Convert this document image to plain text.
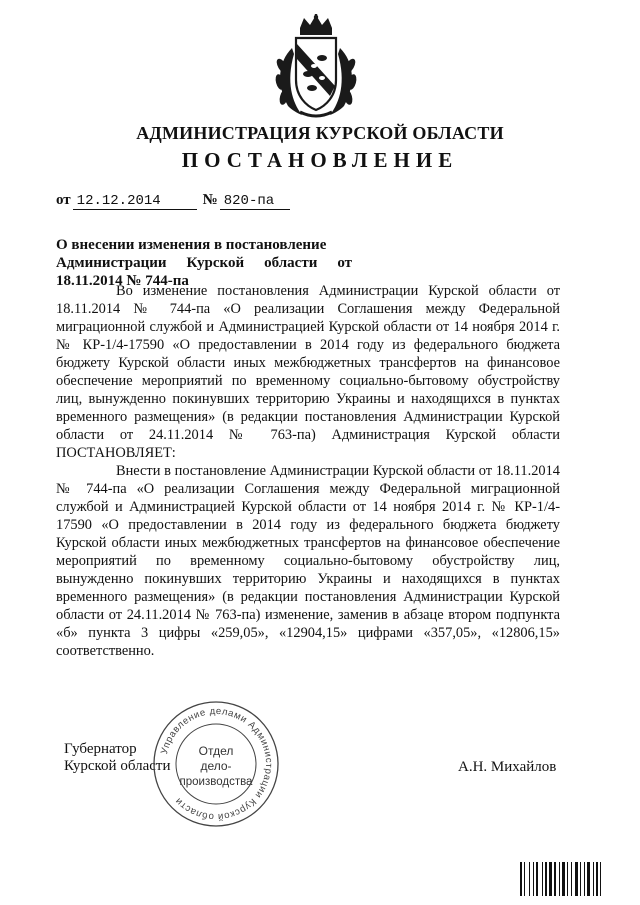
АДМИНИСТРАЦИЯ КУРСКОЙ ОБЛАСТИ
ПОСТАНОВЛЕНИЕ
от 12.12.2014	№ 820-па
О внесении изменения в постановление
Администрации Курской области от
18.11.2014 № 744-па

Во изменение постановления Администрации Курской области от 18.11.2014 № 744-па «О реализации Соглашения между Федеральной миграционной службой и Администрацией Курской области от 14 ноября 2014 г. № КР-1/4-17590 «О предоставлении в 2014 году из федерального бюджета бюджету Курской области иных межбюджетных трансфертов на финансовое обеспечение мероприятий по временному социально-бытовому обустройству лиц, вынужденно покинувших территорию Украины и находящихся в пунктах временного размещения» (в редакции постановления Администрации Курской области от 24.11.2014 № 763-па) Администрация Курской области ПОСТАНОВЛЯЕТ:

Внести в постановление Администрации Курской области от 18.11.2014 № 744-па «О реализации Соглашения между Федеральной миграционной службой и Администрацией Курской области от 14 ноября 2014 г. № КР-1/4-17590 «О предоставлении в 2014 году из федерального бюджета бюджету Курской области иных межбюджетных трансфертов на финансовое обеспечение мероприятий по временному социально-бытовому обустройству лиц, вынужденно покинувших территорию Украины и находящихся в пунктах временного размещения» (в редакции постановления Администрации Курской области от 24.11.2014 № 763-па) изменение, заменив в абзаце втором подпункта «б» пункта 3 цифры «259,05», «12904,15» цифрами «357,05», «12806,15» соответственно.

Губернатор
Курской области	А.Н. Михайлов
Управление делами Администрации Курской области
Отдел
дело-
производства
